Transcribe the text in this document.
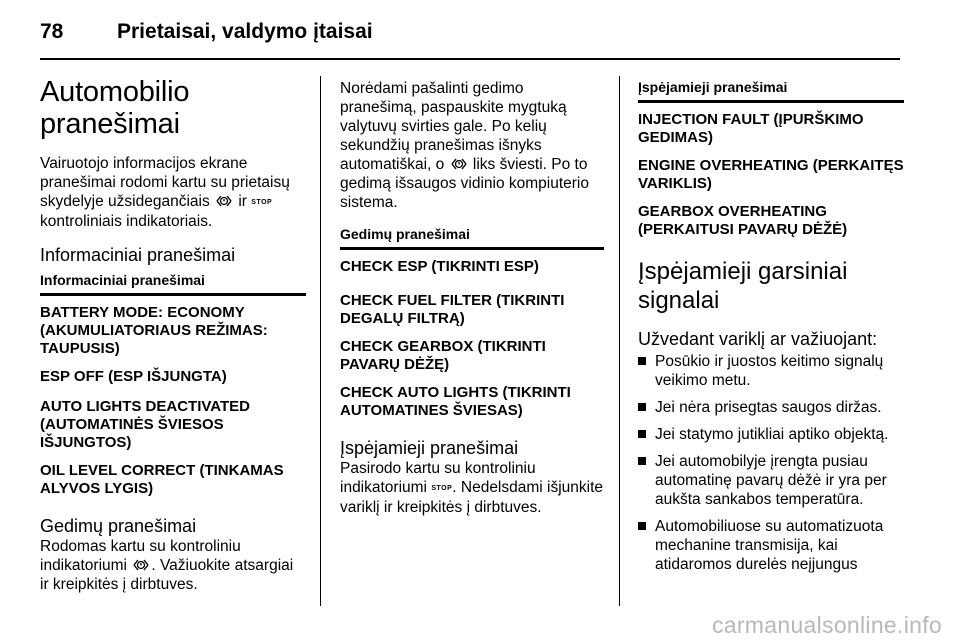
78	Prietaisai, valdymo įtaisai
Automobilio pranešimai

Vairuotojo informacijos ekrane pranešimai rodomi kartu su prietaisų skydelyje užsidegančiais ir STOP
kontroliniais indikatoriais.

Informaciniai pranešimai
Informaciniai pranešimai
BATTERY MODE: ECONOMY (AKUMULIATORIAUS REŽIMAS: TAUPUSIS)
ESP OFF (ESP IŠJUNGTA)
AUTO LIGHTS DEACTIVATED (AUTOMATINĖS ŠVIESOS IŠJUNGTOS)
OIL LEVEL CORRECT (TINKAMAS ALYVOS LYGIS)
Gedimų pranešimai

Rodomas kartu su kontroliniu indikatoriumi . Važiuokite atsargiai ir kreipkitės į dirbtuves.

Norėdami pašalinti gedimo pranešimą, paspauskite mygtuką valytuvų svirties gale. Po kelių sekundžių pranešimas išnyks automatiškai, o liks šviesti. Po to gedimą išsaugos vidinio kompiuterio sistema.

Gedimų pranešimai
CHECK ESP (TIKRINTI ESP)
CHECK FUEL FILTER (TIKRINTI DEGALŲ FILTRĄ)
CHECK GEARBOX (TIKRINTI PAVARŲ DĖŽĘ)
CHECK AUTO LIGHTS (TIKRINTI AUTOMATINES ŠVIESAS)
Įspėjamieji pranešimai

Pasirodo kartu su kontroliniu indikatoriumi STOP. Nedelsdami išjunkite variklį ir kreipkitės į dirbtuves.

Įspėjamieji pranešimai
INJECTION FAULT (ĮPURŠKIMO GEDIMAS)
ENGINE OVERHEATING (PERKAITĘS VARIKLIS)
GEARBOX OVERHEATING (PERKAITUSI PAVARŲ DĖŽĖ)
Įspėjamieji garsiniai signalai
Užvedant variklį ar važiuojant:
Posūkio ir juostos keitimo signalų veikimo metu.
Jei nėra prisegtas saugos diržas.
Jei statymo jutikliai aptiko objektą.
Jei automobilyje įrengta pusiau automatinę pavarų dėžė ir yra per aukšta sankabos temperatūra.
Automobiliuose su automatizuota mechanine transmisija, kai atidaromos durelės neįjungus
carmanualsonline.info
